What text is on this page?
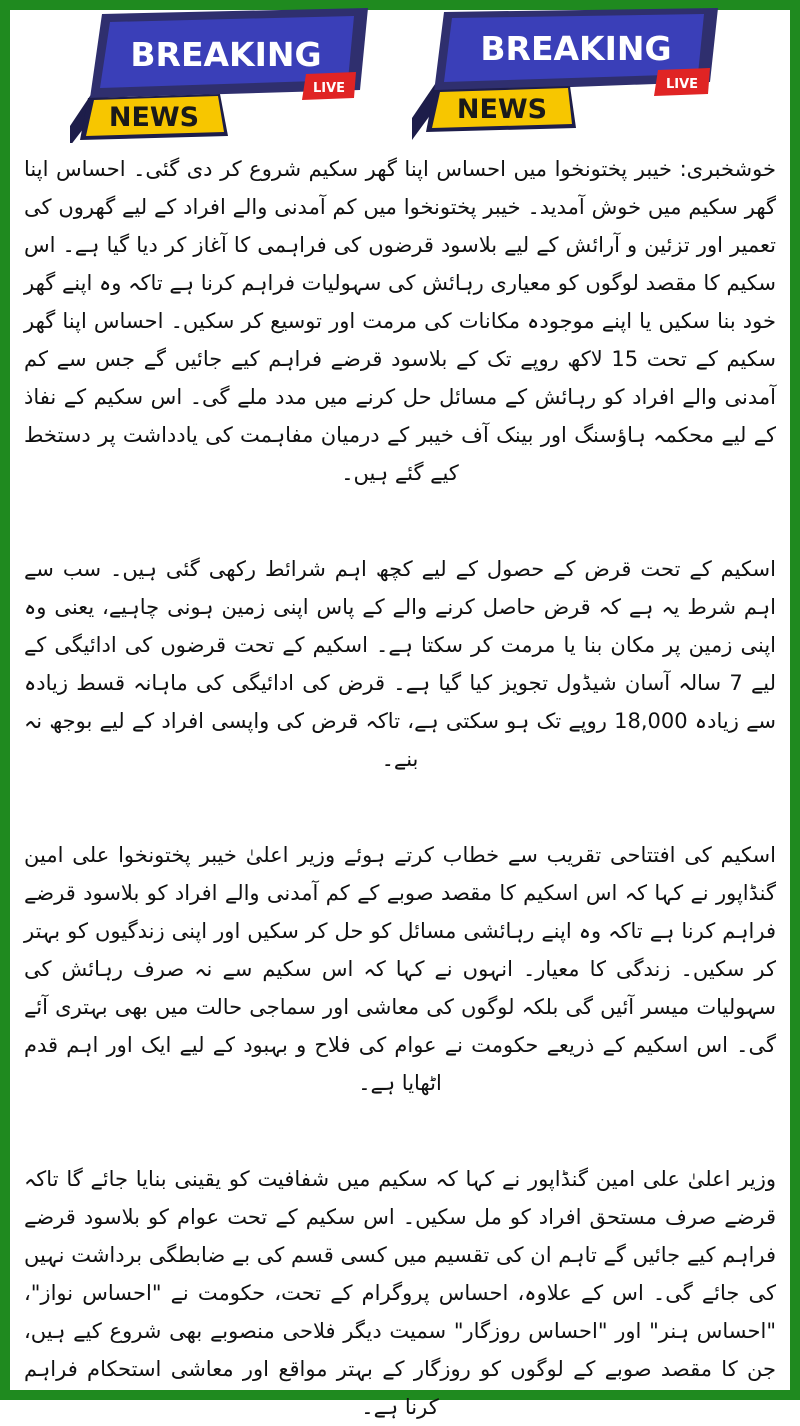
BREAKING
LIVE
NEWS
BREAKING
LIVE
NEWS

خوشخبری: خیبر پختونخوا میں احساس اپنا گھر سکیم شروع کر دی گئی۔ احساس اپنا گھر سکیم میں خوش آمدید۔ خیبر پختونخوا میں کم آمدنی والے افراد کے لیے گھروں کی تعمیر اور تزئین و آرائش کے لیے بلاسود قرضوں کی فراہمی کا آغاز کر دیا گیا ہے۔ اس سکیم کا مقصد لوگوں کو معیاری رہائش کی سہولیات فراہم کرنا ہے تاکہ وہ اپنے گھر خود بنا سکیں یا اپنے موجودہ مکانات کی مرمت اور توسیع کر سکیں۔ احساس اپنا گھر سکیم کے تحت 15 لاکھ روپے تک کے بلاسود قرضے فراہم کیے جائیں گے جس سے کم آمدنی والے افراد کو رہائش کے مسائل حل کرنے میں مدد ملے گی۔ اس سکیم کے نفاذ کے لیے محکمہ ہاؤسنگ اور بینک آف خیبر کے درمیان مفاہمت کی یادداشت پر دستخط کیے گئے ہیں۔

اسکیم کے تحت قرض کے حصول کے لیے کچھ اہم شرائط رکھی گئی ہیں۔ سب سے اہم شرط یہ ہے کہ قرض حاصل کرنے والے کے پاس اپنی زمین ہونی چاہیے، یعنی وہ اپنی زمین پر مکان بنا یا مرمت کر سکتا ہے۔ اسکیم کے تحت قرضوں کی ادائیگی کے لیے 7 سالہ آسان شیڈول تجویز کیا گیا ہے۔ قرض کی ادائیگی کی ماہانہ قسط زیادہ سے زیادہ 18,000 روپے تک ہو سکتی ہے، تاکہ قرض کی واپسی افراد کے لیے بوجھ نہ بنے۔

اسکیم کی افتتاحی تقریب سے خطاب کرتے ہوئے وزیر اعلیٰ خیبر پختونخوا علی امین گنڈاپور نے کہا کہ اس اسکیم کا مقصد صوبے کے کم آمدنی والے افراد کو بلاسود قرضے فراہم کرنا ہے تاکہ وہ اپنے رہائشی مسائل کو حل کر سکیں اور اپنی زندگیوں کو بہتر کر سکیں۔ زندگی کا معیار۔ انہوں نے کہا کہ اس سکیم سے نہ صرف رہائش کی سہولیات میسر آئیں گی بلکہ لوگوں کی معاشی اور سماجی حالت میں بھی بہتری آئے گی۔ اس اسکیم کے ذریعے حکومت نے عوام کی فلاح و بہبود کے لیے ایک اور اہم قدم اٹھایا ہے۔

وزیر اعلیٰ علی امین گنڈاپور نے کہا کہ سکیم میں شفافیت کو یقینی بنایا جائے گا تاکہ قرضے صرف مستحق افراد کو مل سکیں۔ اس سکیم کے تحت عوام کو بلاسود قرضے فراہم کیے جائیں گے تاہم ان کی تقسیم میں کسی قسم کی بے ضابطگی برداشت نہیں کی جائے گی۔ اس کے علاوہ، احساس پروگرام کے تحت، حکومت نے "احساس نواز"، "احساس ہنر" اور "احساس روزگار" سمیت دیگر فلاحی منصوبے بھی شروع کیے ہیں، جن کا مقصد صوبے کے لوگوں کو روزگار کے بہتر مواقع اور معاشی استحکام فراہم کرنا ہے۔
